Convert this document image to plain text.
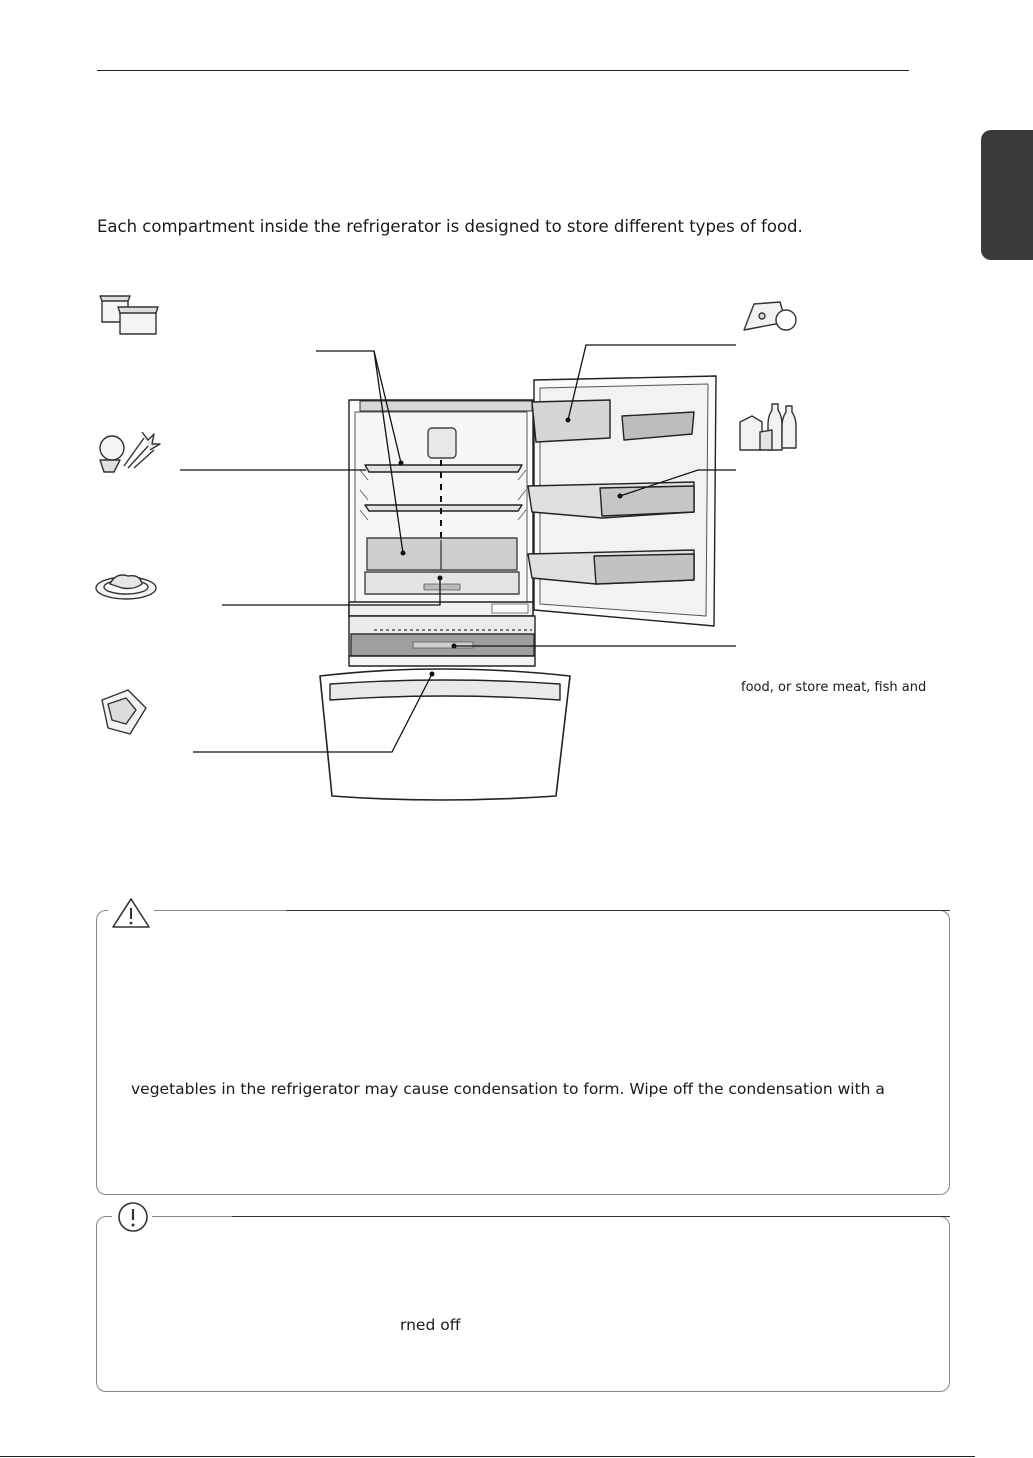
Each compartment inside the refrigerator is designed to store different types of food.
food, or store meat, fish and
vegetables in the refrigerator may cause condensation to form. Wipe off the condensation with a
rned off
